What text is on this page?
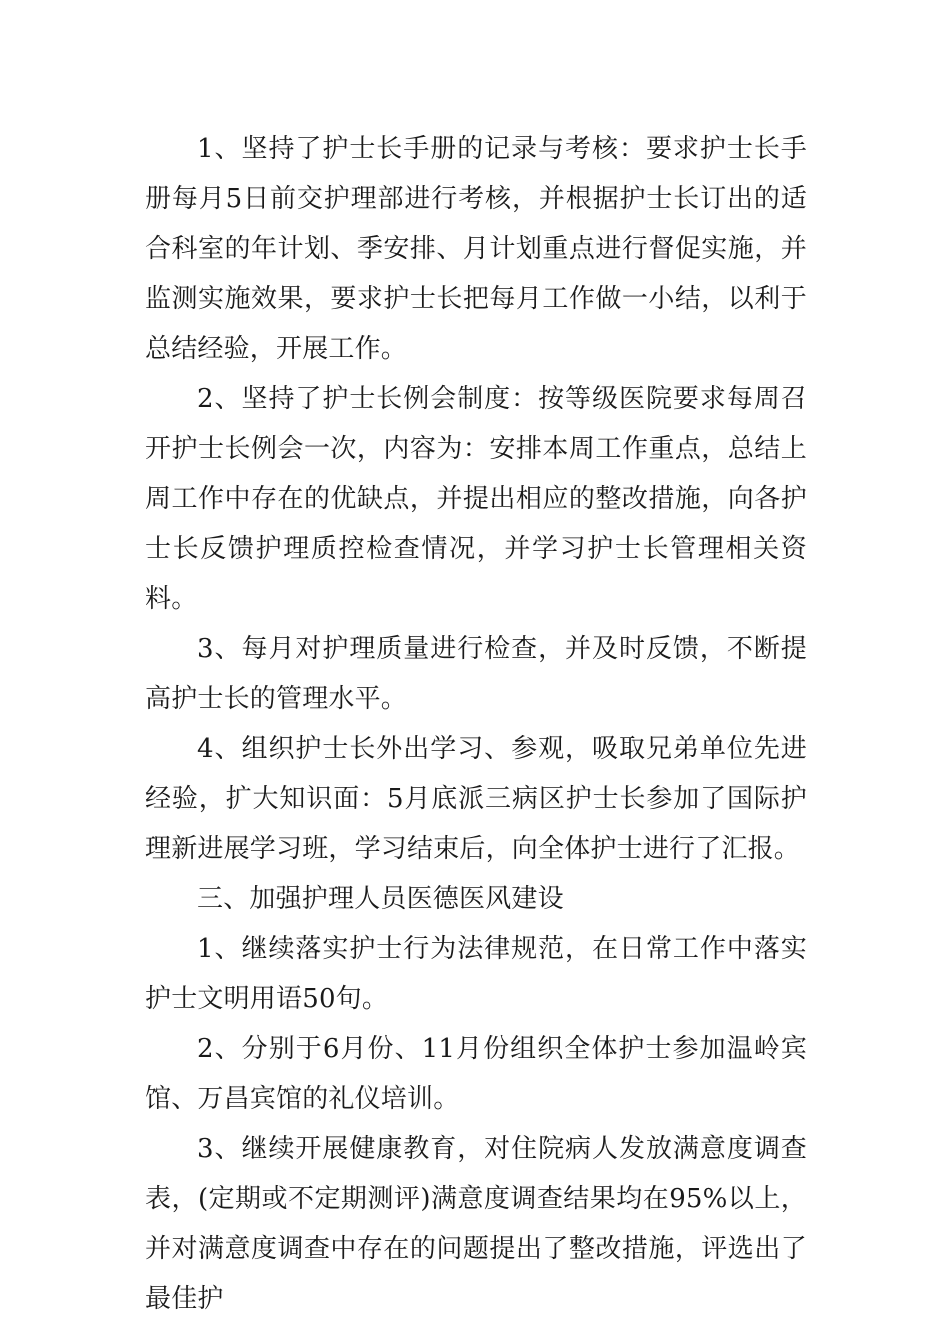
1、坚持了护士长手册的记录与考核：要求护士长手册每月5日前交护理部进行考核，并根据护士长订出的适合科室的年计划、季安排、月计划重点进行督促实施，并监测实施效果，要求护士长把每月工作做一小结，以利于总结经验，开展工作。

2、坚持了护士长例会制度：按等级医院要求每周召开护士长例会一次，内容为：安排本周工作重点，总结上周工作中存在的优缺点，并提出相应的整改措施，向各护士长反馈护理质控检查情况，并学习护士长管理相关资料。

3、每月对护理质量进行检查，并及时反馈，不断提高护士长的管理水平。

4、组织护士长外出学习、参观，吸取兄弟单位先进经验，扩大知识面：5月底派三病区护士长参加了国际护理新进展学习班，学习结束后，向全体护士进行了汇报。

三、加强护理人员医德医风建设

1、继续落实护士行为法律规范，在日常工作中落实护士文明用语50句。

2、分别于6月份、11月份组织全体护士参加温岭宾馆、万昌宾馆的礼仪培训。

3、继续开展健康教育，对住院病人发放满意度调查表，(定期或不定期测评)满意度调查结果均在95%以上，并对满意度调查中存在的问题提出了整改措施，评选出了最佳护
